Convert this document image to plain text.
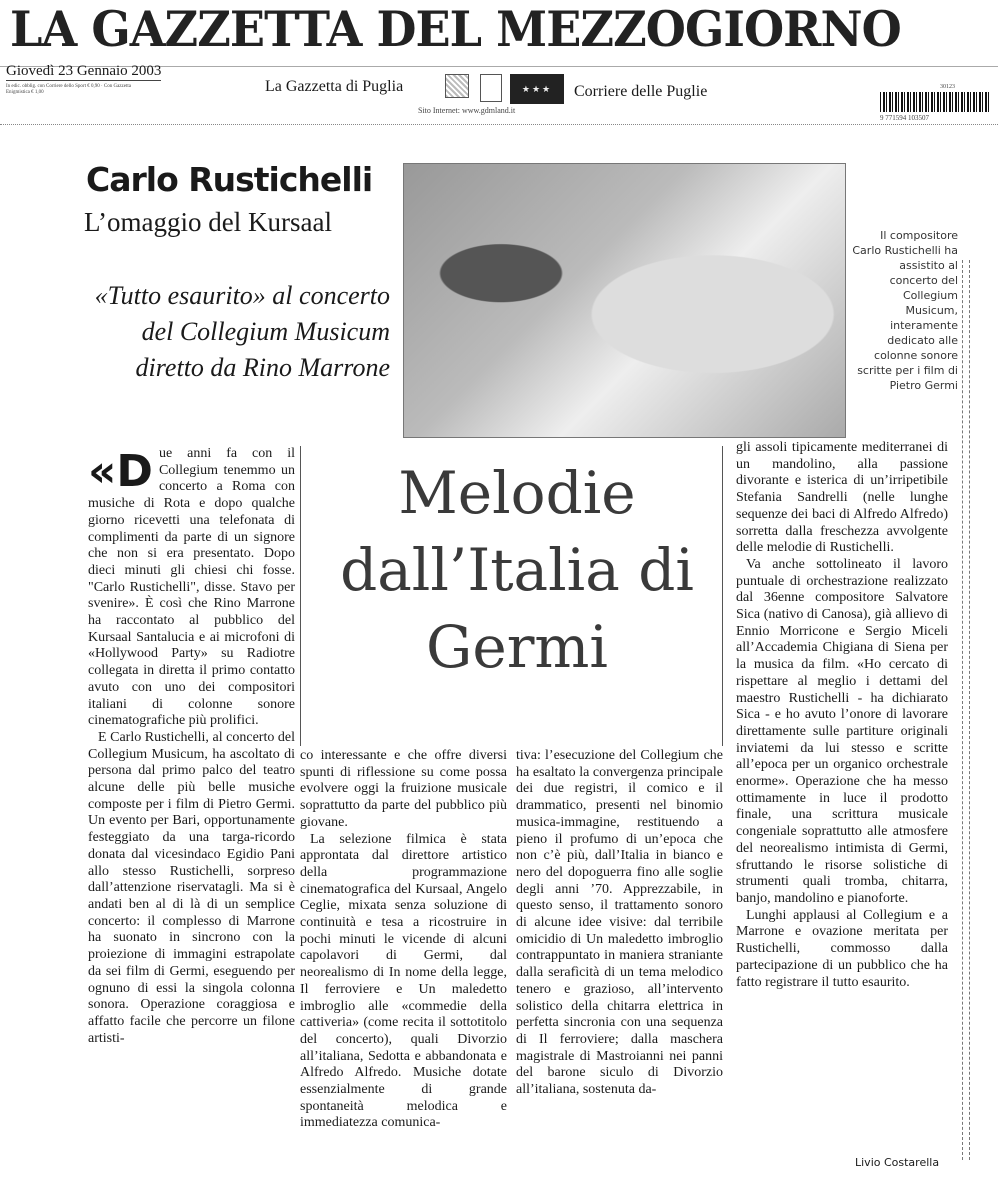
LA GAZZETTA DEL MEZZOGIORNO
Giovedì 23 Gennaio 2003
In edic. obblig. con Corriere dello Sport € 0,90 · Con Gazzetta Enigmistica € 1,00	La Gazzetta di Puglia	★★★	Corriere delle Puglie
Sito Internet: www.gdmland.it
30123
9 771594 103507
Carlo Rustichelli
L’omaggio del Kursaal
«Tutto esaurito» al concerto del Collegium Musicum diretto da Rino Marrone
Il compositore Carlo Rustichelli ha assistito al concerto del Collegium Musicum, interamente dedicato alle colonne sonore scritte per i film di Pietro Germi

«Due anni fa con il Collegium tenemmo un concerto a Roma con musiche di Rota e dopo qualche giorno ricevetti una telefonata di complimenti da parte di un signore che non si era presentato. Dopo dieci minuti gli chiesi chi fosse. "Carlo Rustichelli", disse. Stavo per svenire». È così che Rino Marrone ha raccontato al pubblico del Kursaal Santalucia e ai microfoni di «Hollywood Party» su Radiotre collegata in diretta il primo contatto avuto con uno dei compositori italiani di colonne sonore cinematografiche più prolifici.

E Carlo Rustichelli, al concerto del Collegium Musicum, ha ascoltato di persona dal primo palco del teatro alcune delle più belle musiche composte per i film di Pietro Germi. Un evento per Bari, opportunamente festeggiato da una targa-ricordo donata dal vicesindaco Egidio Pani allo stesso Rustichelli, sorpreso dall’attenzione riservatagli. Ma si è andati ben al di là di un semplice concerto: il complesso di Marrone ha suonato in sincrono con la proiezione di immagini estrapolate da sei film di Germi, eseguendo per ognuno di essi la singola colonna sonora. Operazione coraggiosa e affatto facile che percorre un filone artisti-

Melodie dall’Italia di Germi

co interessante e che offre diversi spunti di riflessione su come possa evolvere oggi la fruizione musicale soprattutto da parte del pubblico più giovane.

La selezione filmica è stata approntata dal direttore artistico della programmazione cinematografica del Kursaal, Angelo Ceglie, mixata senza soluzione di continuità e tesa a ricostruire in pochi minuti le vicende di alcuni capolavori di Germi, dal neorealismo di In nome della legge, Il ferroviere e Un maledetto imbroglio alle «commedie della cattiveria» (come recita il sottotitolo del concerto), quali Divorzio all’italiana, Sedotta e abbandonata e Alfredo Alfredo. Musiche dotate essenzialmente di grande spontaneità melodica e immediatezza comunica-

tiva: l’esecuzione del Collegium che ha esaltato la convergenza principale dei due registri, il comico e il drammatico, presenti nel binomio musica-immagine, restituendo a pieno il profumo di un’epoca che non c’è più, dall’Italia in bianco e nero del dopoguerra fino alle soglie degli anni ’70. Apprezzabile, in questo senso, il trattamento sonoro di alcune idee visive: dal terribile omicidio di Un maledetto imbroglio contrappuntato in maniera straniante dalla serafìcità di un tema melodico tenero e grazioso, all’intervento solistico della chitarra elettrica in perfetta sincronia con una sequenza di Il ferroviere; dalla maschera magistrale di Mastroianni nei panni del barone siculo di Divorzio all’italiana, sostenuta da-

gli assoli tipicamente mediterranei di un mandolino, alla passione divorante e isterica di un’irripetibile Stefania Sandrelli (nelle lunghe sequenze dei baci di Alfredo Alfredo) sorretta dalla freschezza avvolgente delle melodie di Rustichelli.

Va anche sottolineato il lavoro puntuale di orchestrazione realizzato dal 36enne compositore Salvatore Sica (nativo di Canosa), già allievo di Ennio Morricone e Sergio Miceli all’Accademia Chigiana di Siena per la musica da film. «Ho cercato di rispettare al meglio i dettami del maestro Rustichelli - ha dichiarato Sica - e ho avuto l’onore di lavorare direttamente sulle partiture originali inviatemi da lui stesso e scritte all’epoca per un organico orchestrale enorme». Operazione che ha messo ottimamente in luce il prodotto finale, una scrittura musicale congeniale soprattutto alle atmosfere del neorealismo intimista di Germi, sfruttando le risorse solistiche di strumenti quali tromba, chitarra, banjo, mandolino e pianoforte.

Lunghi applausi al Collegium e a Marrone e ovazione meritata per Rustichelli, commosso dalla partecipazione di un pubblico che ha fatto registrare il tutto esaurito.

Livio Costarella
